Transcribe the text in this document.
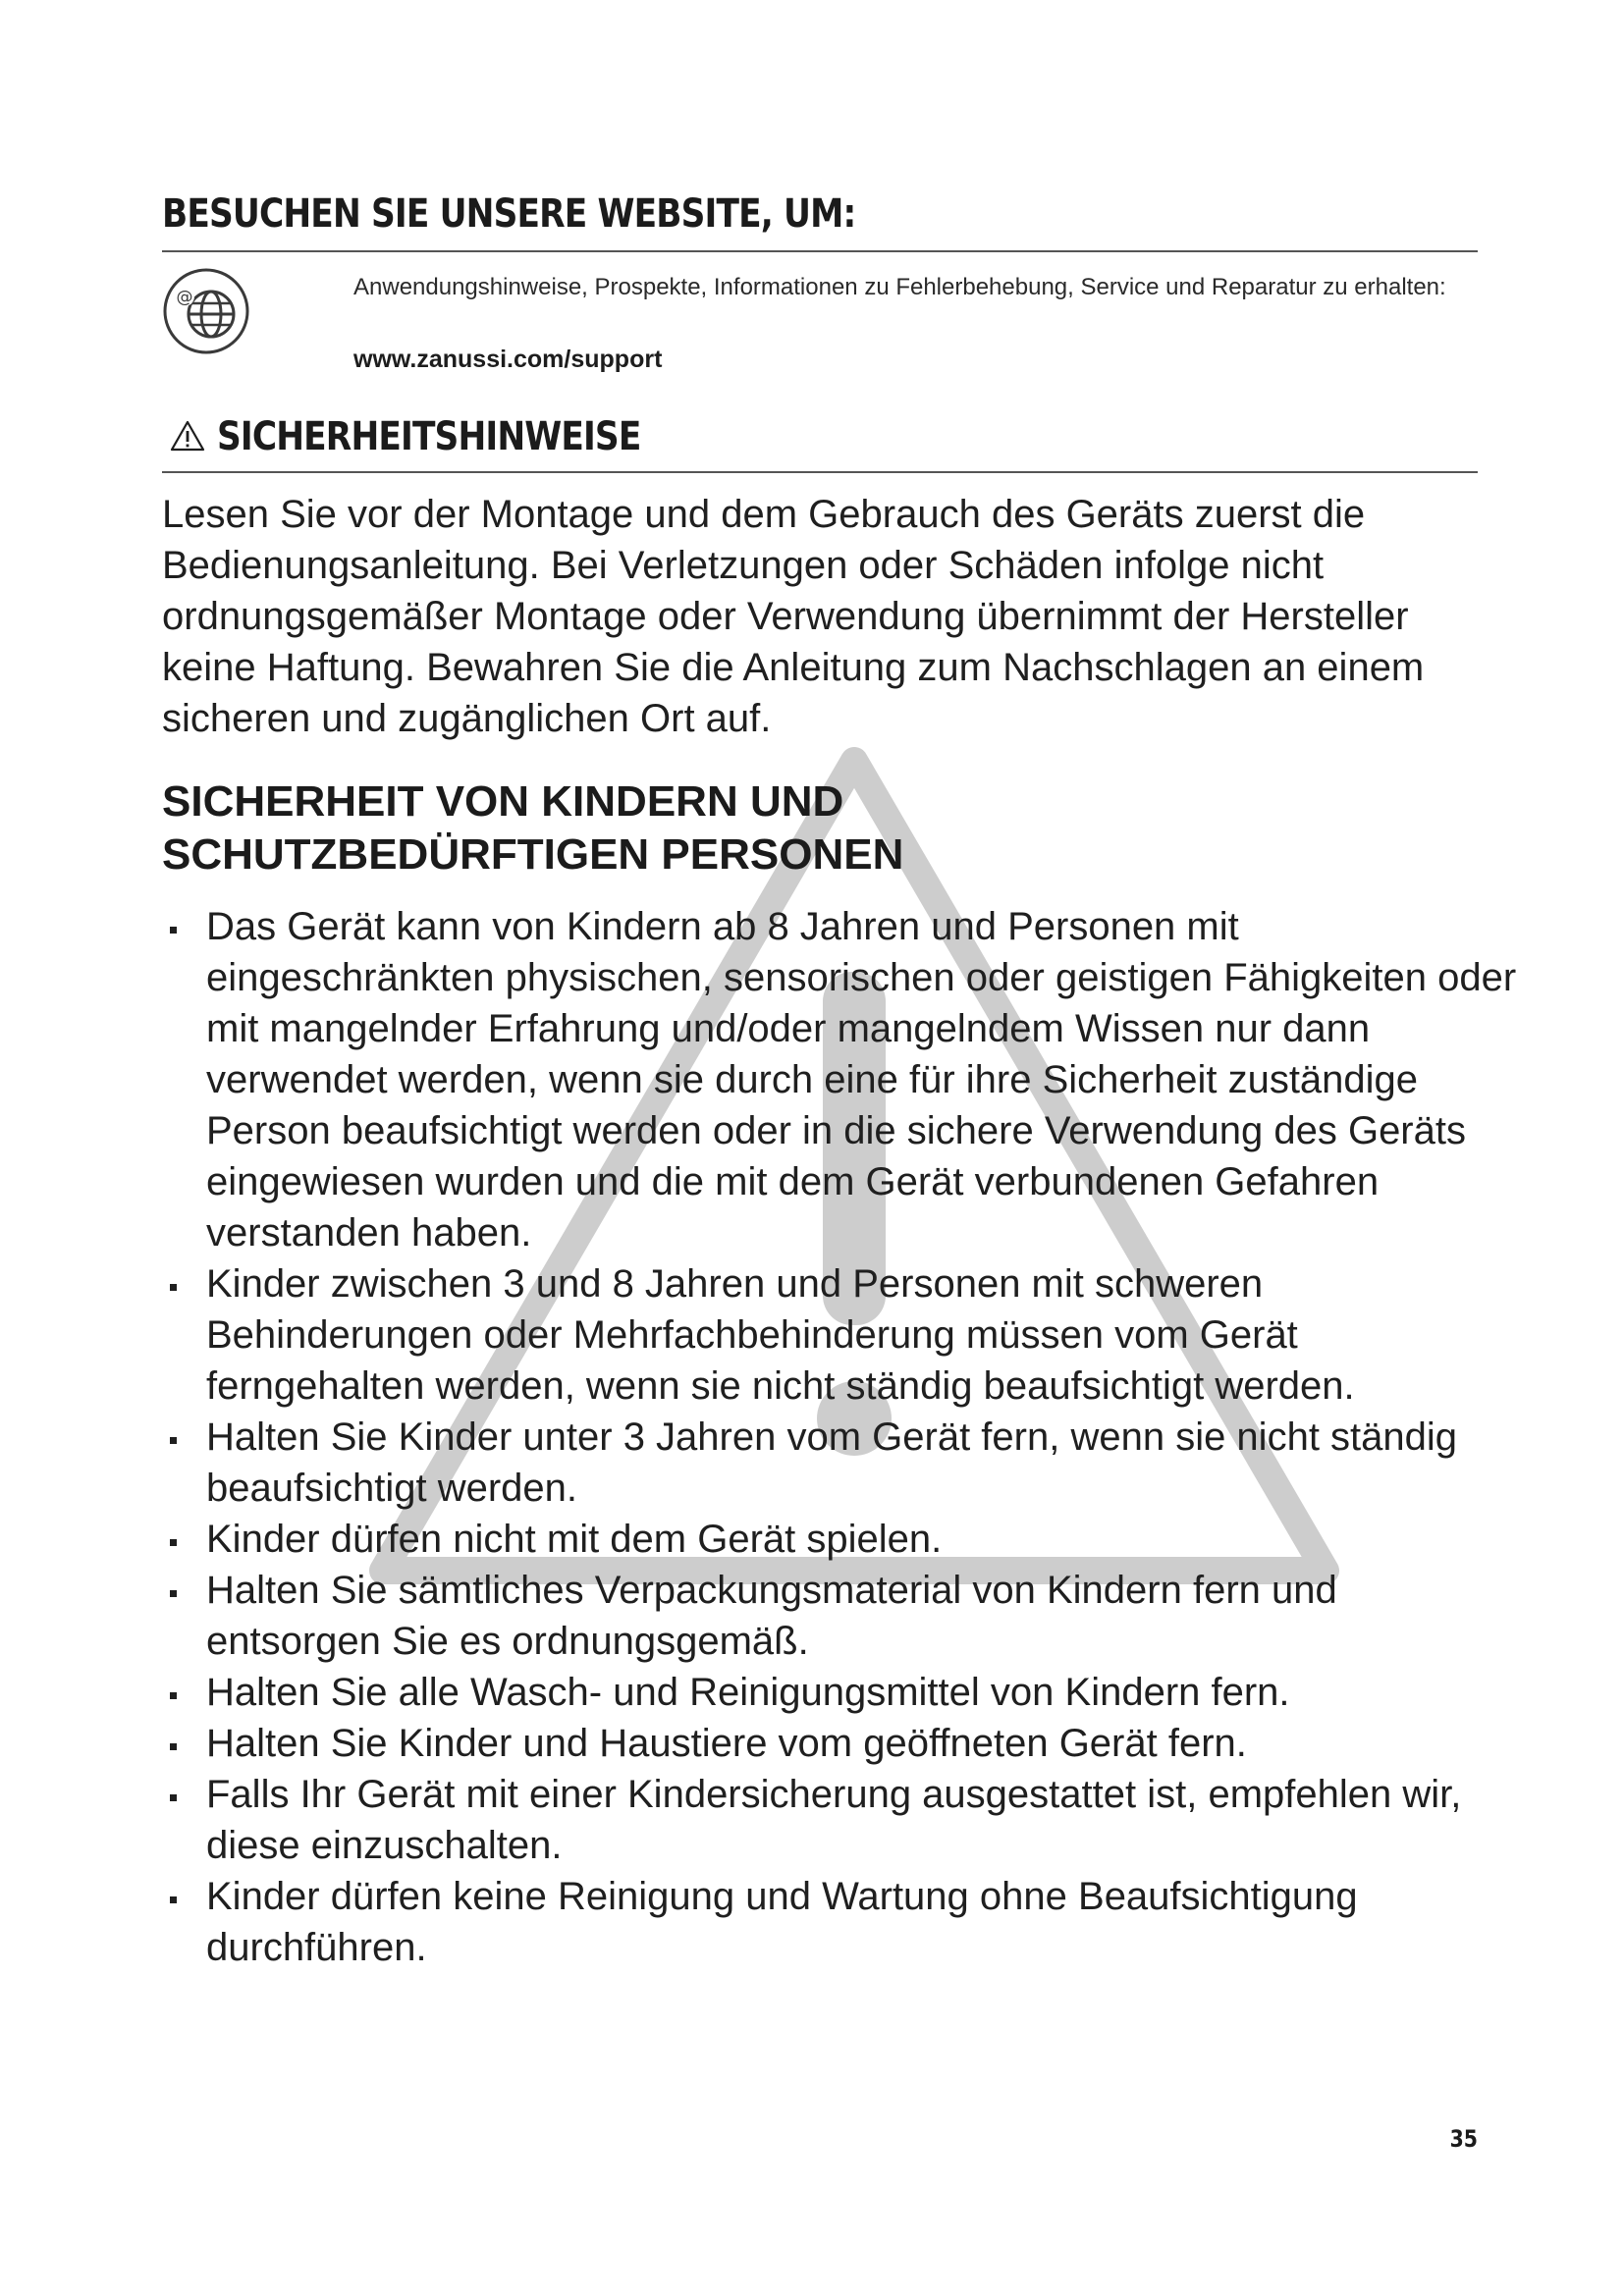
BESUCHEN SIE UNSERE WEBSITE, UM:
@	Anwendungshinweise, Prospekte, Informationen zu Fehlerbehebung, Service und Reparatur zu erhalten:
www.zanussi.com/support
SICHERHEITSHINWEISE

Lesen Sie vor der Montage und dem Gebrauch des Geräts zuerst die Bedienungsanleitung. Bei Verletzungen oder Schäden infolge nicht ordnungsgemäßer Montage oder Verwendung übernimmt der Hersteller keine Haftung. Bewahren Sie die Anleitung zum Nachschlagen an einem sicheren und zugänglichen Ort auf.

SICHERHEIT VON KINDERN UND
SCHUTZBEDÜRFTIGEN PERSONEN
Das Gerät kann von Kindern ab 8 Jahren und Personen mit eingeschränkten physischen, sensorischen oder geistigen Fähigkeiten oder mit mangelnder Erfahrung und/oder mangelndem Wissen nur dann verwendet werden, wenn sie durch eine für ihre Sicherheit zuständige Person beaufsichtigt werden oder in die sichere Verwendung des Geräts eingewiesen wurden und die mit dem Gerät verbundenen Gefahren verstanden haben.
Kinder zwischen 3 und 8 Jahren und Personen mit schweren Behinderungen oder Mehrfachbehinderung müssen vom Gerät ferngehalten werden, wenn sie nicht ständig beaufsichtigt werden.
Halten Sie Kinder unter 3 Jahren vom Gerät fern, wenn sie nicht ständig beaufsichtigt werden.
Kinder dürfen nicht mit dem Gerät spielen.
Halten Sie sämtliches Verpackungsmaterial von Kindern fern und entsorgen Sie es ordnungsgemäß.
Halten Sie alle Wasch- und Reinigungsmittel von Kindern fern.
Halten Sie Kinder und Haustiere vom geöffneten Gerät fern.
Falls Ihr Gerät mit einer Kindersicherung ausgestattet ist, empfehlen wir, diese einzuschalten.
Kinder dürfen keine Reinigung und Wartung ohne Beaufsichtigung durchführen.
35
